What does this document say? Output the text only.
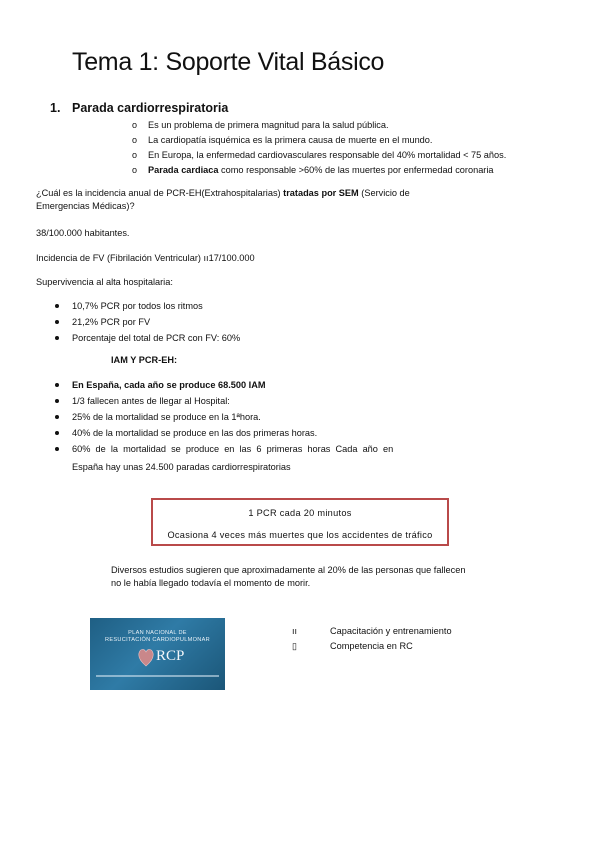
Tema 1: Soporte Vital Básico
1. Parada cardiorrespiratoria
o Es un problema de primera magnitud para la salud pública.
o La cardiopatía isquémica es la primera causa de muerte en el mundo.
o En Europa, la enfermedad cardiovasculares responsable del 40% mortalidad < 75 años.
o Parada cardiaca como responsable >60% de las muertes por enfermedad coronaria
¿Cuál es la incidencia anual de PCR-EH(Extrahospitalarias) tratadas por SEM (Servicio de
Emergencias Médicas)?
38/100.000 habitantes.
Incidencia de FV (Fibrilación Ventricular) ıı17/100.000
Supervivencia al alta hospitalaria:
10,7% PCR por todos los ritmos
21,2% PCR por FV
Porcentaje del total de PCR con FV: 60%
IAM Y PCR-EH:
En España, cada año se produce 68.500 IAM
1/3 fallecen antes de llegar al Hospital:
25% de la mortalidad se produce en la 1ªhora.
40% de la mortalidad se produce en las dos primeras horas.
60%  de  la  mortalidad  se  produce  en  las  6  primeras  horas  Cada  año  en
España hay unas 24.500 paradas cardiorrespiratorias
1 PCR cada 20 minutos
Ocasiona 4 veces más muertes que los accidentes de tráfico
Diversos estudios sugieren que aproximadamente al 20% de las personas que fallecen
no le había llegado todavía el momento de morir.
PLAN NACIONAL DE
RESUCITACIÓN CARDIOPULMONAR
RCP
ıı	Capacitación y entrenamiento
▯	Competencia en RC
